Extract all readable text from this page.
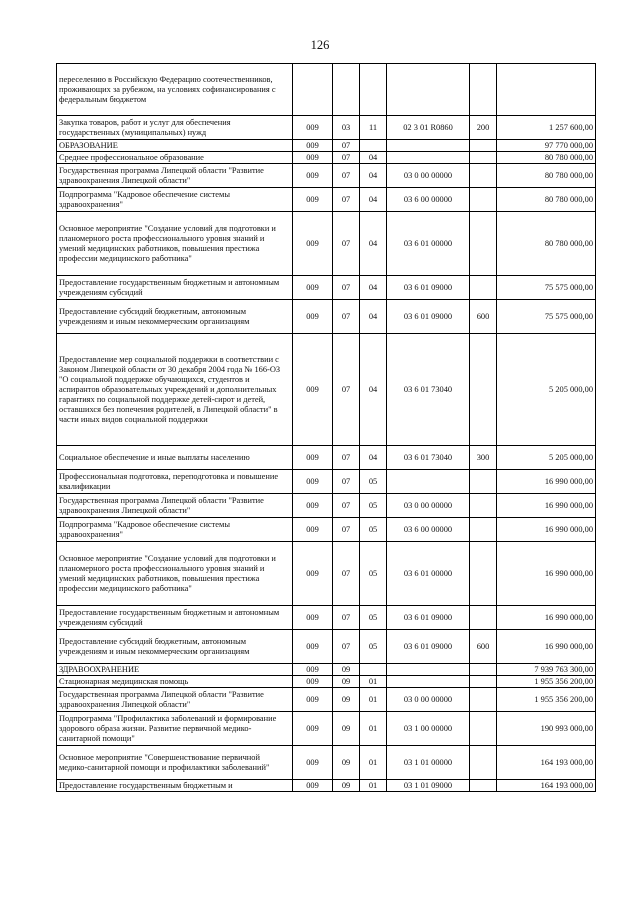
126
переселению в Российскую Федерацию соотечественников, проживающих за рубежом, на условиях софинансирования с федеральным бюджетом						
Закупка товаров, работ и услуг для обеспечения государственных (муниципальных) нужд	009	03	11	02 3 01 R0860	200	1 257 600,00
ОБРАЗОВАНИЕ	009	07				97 770 000,00
Среднее профессиональное образование	009	07	04			80 780 000,00
Государственная программа Липецкой области "Развитие здравоохранения Липецкой области"	009	07	04	03 0 00 00000		80 780 000,00
Подпрограмма "Кадровое обеспечение системы здравоохранения"	009	07	04	03 6 00 00000		80 780 000,00
Основное мероприятие "Создание условий для подготовки и планомерного роста профессионального уровня знаний и умений медицинских работников, повышения престижа профессии медицинского работника"	009	07	04	03 6 01 00000		80 780 000,00
Предоставление государственным бюджетным и автономным учреждениям субсидий	009	07	04	03 6 01 09000		75 575 000,00
Предоставление субсидий бюджетным, автономным учреждениям и иным некоммерческим организациям	009	07	04	03 6 01 09000	600	75 575 000,00
Предоставление мер социальной поддержки в соответствии с Законом Липецкой области от 30 декабря 2004 года № 166-ОЗ "О социальной поддержке обучающихся, студентов и аспирантов образовательных учреждений и дополнительных гарантиях по социальной поддержке детей-сирот и детей, оставшихся без попечения родителей, в Липецкой области" в части иных видов социальной поддержки	009	07	04	03 6 01 73040		5 205 000,00
Социальное обеспечение и иные выплаты населению	009	07	04	03 6 01 73040	300	5 205 000,00
Профессиональная подготовка, переподготовка и повышение квалификации	009	07	05			16 990 000,00
Государственная программа Липецкой области "Развитие здравоохранения Липецкой области"	009	07	05	03 0 00 00000		16 990 000,00
Подпрограмма "Кадровое обеспечение системы здравоохранения"	009	07	05	03 6 00 00000		16 990 000,00
Основное мероприятие "Создание условий для подготовки и планомерного роста профессионального уровня знаний и умений медицинских работников, повышения престижа профессии медицинского работника"	009	07	05	03 6 01 00000		16 990 000,00
Предоставление государственным бюджетным и автономным учреждениям субсидий	009	07	05	03 6 01 09000		16 990 000,00
Предоставление субсидий бюджетным, автономным учреждениям и иным некоммерческим организациям	009	07	05	03 6 01 09000	600	16 990 000,00
ЗДРАВООХРАНЕНИЕ	009	09				7 939 763 300,00
Стационарная медицинская помощь	009	09	01			1 955 356 200,00
Государственная программа Липецкой области "Развитие здравоохранения Липецкой области"	009	09	01	03 0 00 00000		1 955 356 200,00
Подпрограмма "Профилактика заболеваний и формирование здорового образа жизни. Развитие первичной медико-санитарной помощи"	009	09	01	03 1 00 00000		190 993 000,00
Основное мероприятие "Совершенствование первичной медико-санитарной помощи и профилактики заболеваний"	009	09	01	03 1 01 00000		164 193 000,00
Предоставление государственным бюджетным и	009	09	01	03 1 01 09000		164 193 000,00
